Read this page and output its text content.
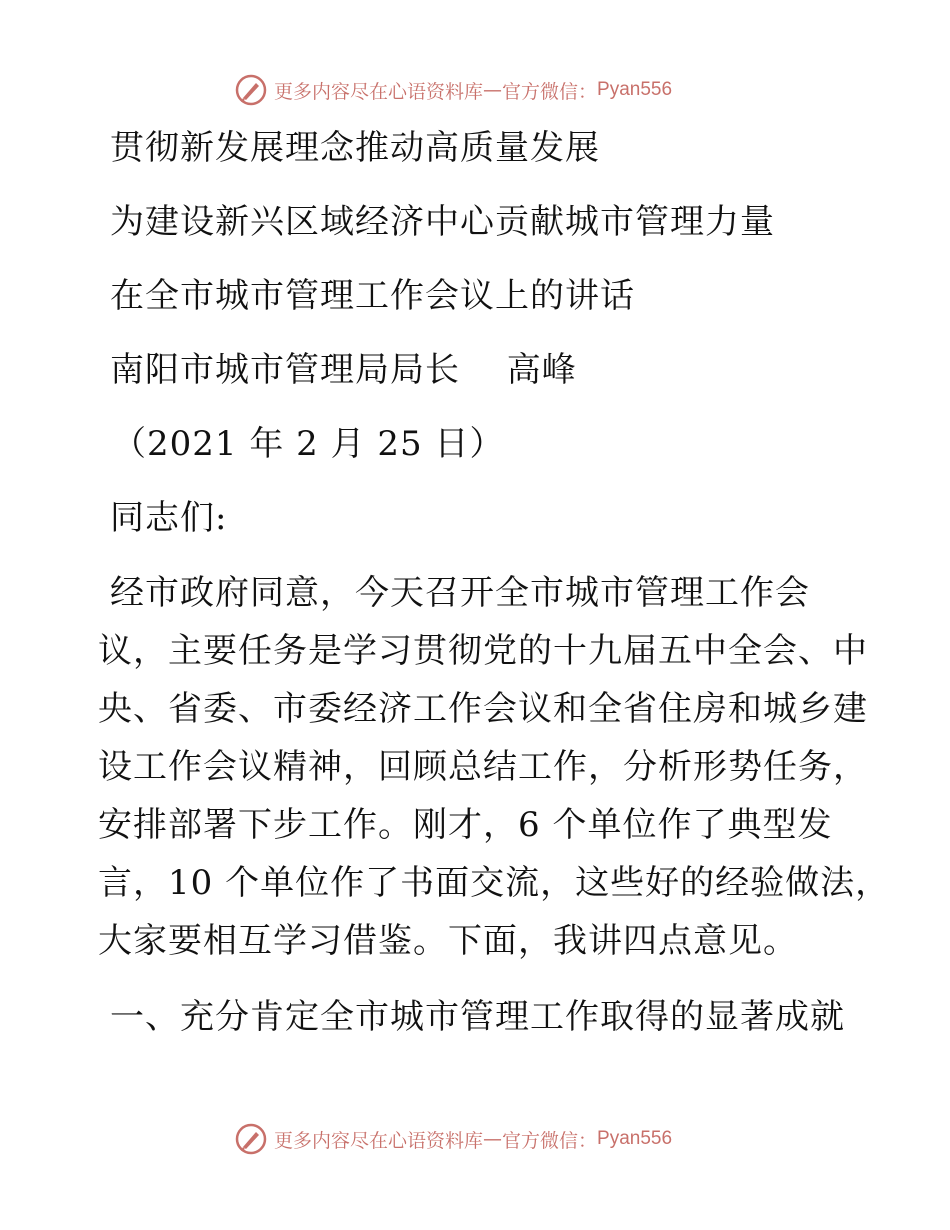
更多内容尽在心语资料库 — 官方微信： Pyan556
贯彻新发展理念推动高质量发展
为建设新兴区域经济中心贡献城市管理力量
在全市城市管理工作会议上的讲话
南阳市城市管理局局长　 高峰
（2021 年 2 月 25 日）
同志们:
经市政府同意，今天召开全市城市管理工作会
议，主要任务是学习贯彻党的十九届五中全会、中
央、省委、市委经济工作会议和全省住房和城乡建
设工作会议精神，回顾总结工作，分析形势任务，
安排部署下步工作。刚才，6 个单位作了典型发
言，10 个单位作了书面交流，这些好的经验做法，
大家要相互学习借鉴。下面，我讲四点意见。
一、充分肯定全市城市管理工作取得的显著成就
更多内容尽在心语资料库 — 官方微信： Pyan556
